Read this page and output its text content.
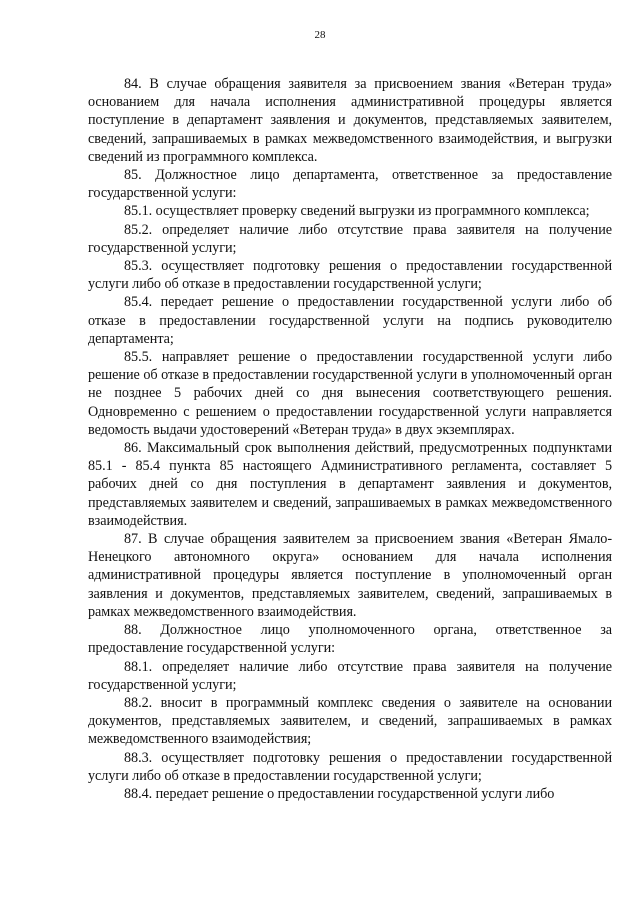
28

84. В случае обращения заявителя за присвоением звания «Ветеран труда» основанием для начала исполнения административной процедуры является поступление в департамент заявления и документов, представляемых заявителем, сведений, запрашиваемых в рамках межведомственного взаимодействия, и выгрузки сведений из программного комплекса.

85. Должностное лицо департамента, ответственное за предоставление государственной услуги:

85.1. осуществляет проверку сведений выгрузки из программного комплекса;

85.2. определяет наличие либо отсутствие права заявителя на получение государственной услуги;

85.3. осуществляет подготовку решения о предоставлении государственной услуги либо об отказе в предоставлении государственной услуги;

85.4. передает решение о предоставлении государственной услуги либо об отказе в предоставлении государственной услуги на подпись руководителю департамента;

85.5. направляет решение о предоставлении государственной услуги либо решение об отказе в предоставлении государственной услуги в уполномоченный орган не позднее 5 рабочих дней со дня вынесения соответствующего решения. Одновременно с решением о предоставлении государственной услуги направляется ведомость выдачи удостоверений «Ветеран труда» в двух экземплярах.

86. Максимальный срок выполнения действий, предусмотренных подпунктами 85.1 - 85.4 пункта 85 настоящего Административного регламента, составляет 5 рабочих дней со дня поступления в департамент заявления и документов, представляемых заявителем и сведений, запрашиваемых в рамках межведомственного взаимодействия.

87. В случае обращения заявителем за присвоением звания «Ветеран Ямало-Ненецкого автономного округа» основанием для начала исполнения административной процедуры является поступление в уполномоченный орган заявления и документов, представляемых заявителем, сведений, запрашиваемых в рамках межведомственного взаимодействия.

88. Должностное лицо уполномоченного органа, ответственное за предоставление государственной услуги:

88.1. определяет наличие либо отсутствие права заявителя на получение государственной услуги;

88.2. вносит в программный комплекс сведения о заявителе на основании документов, представляемых заявителем, и сведений, запрашиваемых в рамках межведомственного взаимодействия;

88.3. осуществляет подготовку решения о предоставлении государственной услуги либо об отказе в предоставлении государственной услуги;

88.4. передает решение о предоставлении государственной услуги либо
